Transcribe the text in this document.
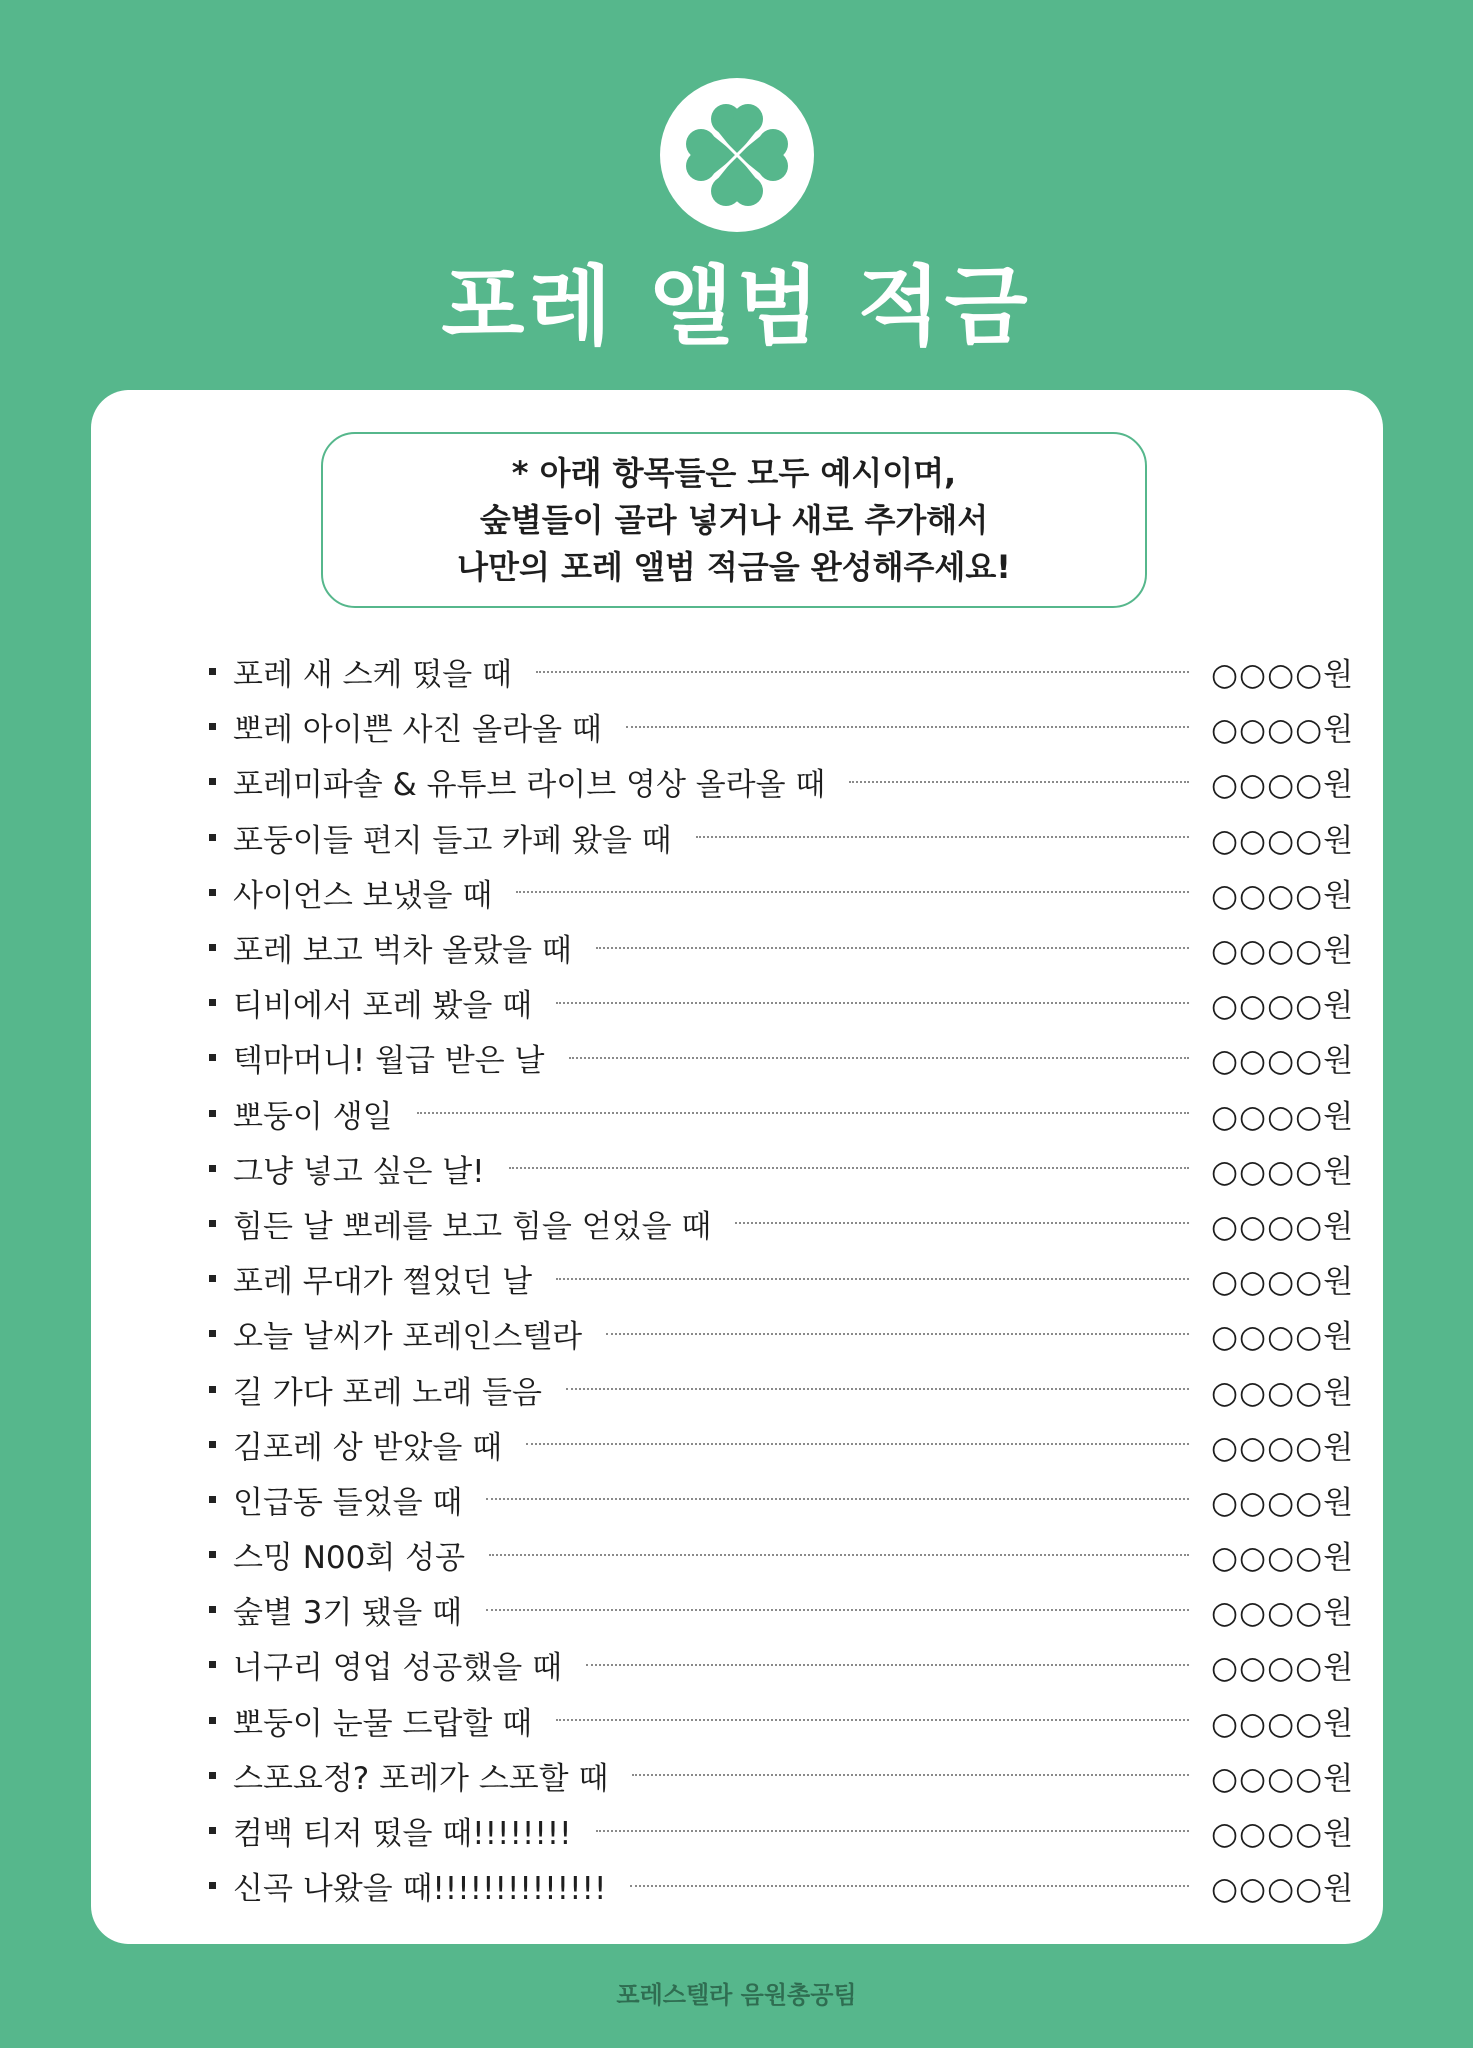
포레 앨범 적금
* 아래 항목들은 모두 예시이며,
숲별들이 골라 넣거나 새로 추가해서
나만의 포레 앨범 적금을 완성해주세요!
포레 새 스케 떴을 때	○○○○원
뽀레 아이쁜 사진 올라올 때	○○○○원
포레미파솔 & 유튜브 라이브 영상 올라올 때	○○○○원
포둥이들 편지 들고 카페 왔을 때	○○○○원
사이언스 보냈을 때	○○○○원
포레 보고 벅차 올랐을 때	○○○○원
티비에서 포레 봤을 때	○○○○원
텍마머니! 월급 받은 날	○○○○원
뽀둥이 생일	○○○○원
그냥 넣고 싶은 날!	○○○○원
힘든 날 뽀레를 보고 힘을 얻었을 때	○○○○원
포레 무대가 쩔었던 날	○○○○원
오늘 날씨가 포레인스텔라	○○○○원
길 가다 포레 노래 들음	○○○○원
김포레 상 받았을 때	○○○○원
인급동 들었을 때	○○○○원
스밍 N00회 성공	○○○○원
숲별 3기 됐을 때	○○○○원
너구리 영업 성공했을 때	○○○○원
뽀둥이 눈물 드랍할 때	○○○○원
스포요정? 포레가 스포할 때	○○○○원
컴백 티저 떴을 때!!!!!!!!	○○○○원
신곡 나왔을 때!!!!!!!!!!!!!!	○○○○원

포레스텔라 음원총공팀
